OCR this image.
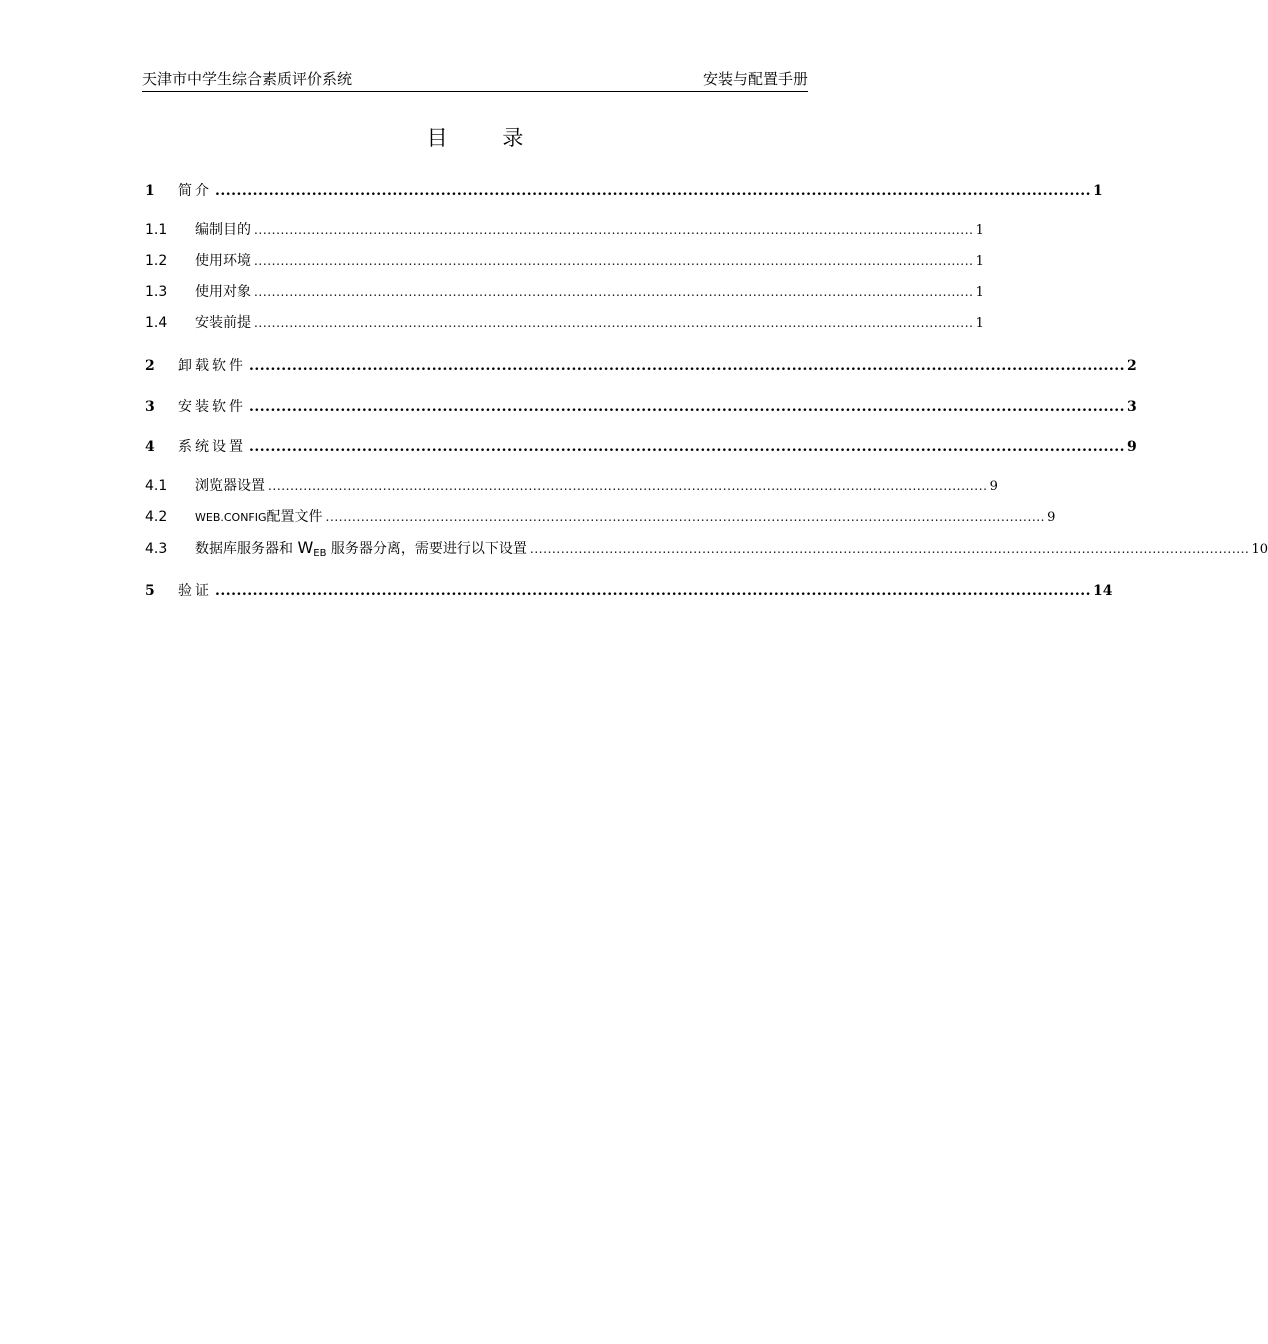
天津市中学生综合素质评价系统	安装与配置手册
目 录
1	简介 ................................................................................................................................................................... 1
1.1	编制目的 ................................................................................................................................................................... 1
1.2	使用环境 ................................................................................................................................................................... 1
1.3	使用对象 ................................................................................................................................................................... 1
1.4	安装前提 ................................................................................................................................................................... 1
2	卸载软件 ................................................................................................................................................................... 2
3	安装软件 ................................................................................................................................................................... 3
4	系统设置 ................................................................................................................................................................... 9
4.1	浏览器设置 ................................................................................................................................................................... 9
4.2	WEB.CONFIG配置文件 ................................................................................................................................................................... 9
4.3	数据库服务器和 $W_{EB}$ 服务器分离，需要进行以下设置 ................................................................................................................................................................... 10
5	验证 ................................................................................................................................................................... 14
